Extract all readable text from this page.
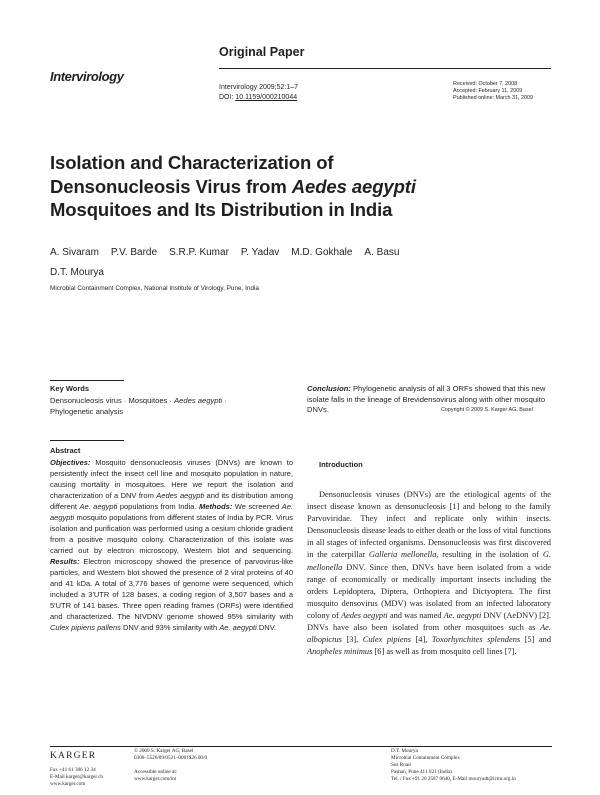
Original Paper
Intervirology
Intervirology 2009;52:1–7
DOI: 10.1159/000210044
Received: October 7, 2008
Accepted: February 11, 2009
Published online: March 31, 2009
Isolation and Characterization of
Densonucleosis Virus from Aedes aegypti
Mosquitoes and Its Distribution in India
A. Sivaram P.V. Barde S.R.P. Kumar P. Yadav M.D. Gokhale A. Basu
D.T. Mourya
Microbial Containment Complex, National Institute of Virology, Pune, India
Key Words
Densonucleosis virus · Mosquitoes · Aedes aegypti ·
Phylogenetic analysis
Conclusion: Phylogenetic analysis of all 3 ORFs showed that this new isolate falls in the lineage of Brevidensovirus along with other mosquito DNVs.	Copyright © 2009 S. Karger AG, Basel
Abstract
Objectives: Mosquito densonucleosis viruses (DNVs) are known to persistently infect the insect cell line and mosquito population in nature, causing mortality in mosquitoes. Here we report the isolation and characterization of a DNV from Aedes aegypti and its distribution among different Ae. aegypti populations from India. Methods: We screened Ae. aegypti mosquito populations from different states of India by PCR. Virus isolation and purification was performed using a cesium chloride gradient from a positive mosquito colony. Characterization of this isolate was carried out by electron microscopy, Western blot and sequencing. Results: Electron microscopy showed the presence of parvovirus-like particles, and Western blot showed the presence of 2 viral proteins of 40 and 41 kDa. A total of 3,776 bases of genome were sequenced, which included a 3′UTR of 128 bases, a coding region of 3,507 bases and a 5′UTR of 141 bases. Three open reading frames (ORFs) were identified and characterized. The NIVDNV genome showed 95% similarity with Culex pipiens pallens DNV and 93% similarity with Ae. aegypti DNV.
Introduction
Densonucleosis viruses (DNVs) are the etiological agents of the insect disease known as densonucleosis [1] and belong to the family Parvoviridae. They infect and replicate only within insects. Densonucleosis disease leads to either death or the loss of vital functions in all stages of infected organisms. Densonucleosis was first discovered in the caterpillar Galleria mellonella, resulting in the isolation of G. mellonella DNV. Since then, DNVs have been isolated from a wide range of economically or medically important insects including the orders Lepidoptera, Diptera, Orthoptera and Dictyoptera. The first mosquito densovirus (MDV) was isolated from an infected laboratory colony of Aedes aegypti and was named Ae. aegypti DNV (AeDNV) [2]. DNVs have also been isolated from other mosquitoes such as Ae. albopictus [3], Culex pipiens [4], Toxorhynchites splendens [5] and Anopheles minimus [6] as well as from mosquito cell lines [7].
KARGER
Fax +41 61 306 12 34
E-Mail karger@karger.ch
www.karger.com
© 2009 S. Karger AG, Basel
0300–5526/09/0521–0001$26.00/0
Accessible online at:
www.karger.com/int
D.T. Mourya
Microbial Containment Complex
Sus Road
Pashan, Pune 411 021 (India)
Tel. / Fax +91 20 2587 0640, E-Mail mouryadt@icmr.org.in
